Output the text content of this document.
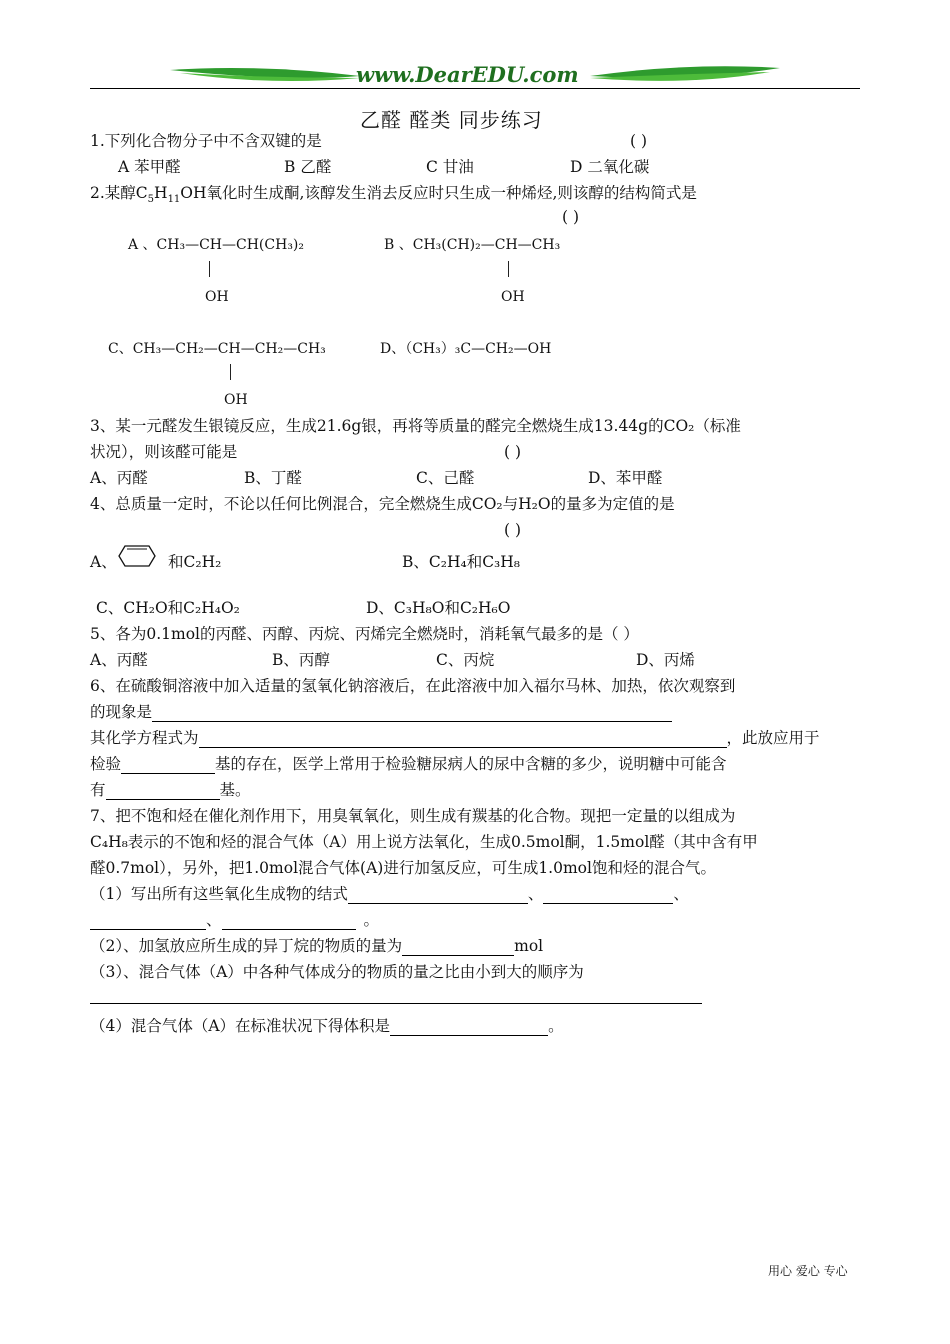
www.DearEDU.com
乙醛 醛类 同步练习
1.下列化合物分子中不含双键的是	( )
A 苯甲醛	B 乙醛	C 甘油	D 二氧化碳
2.某醇$C_5H_{11}OH$氧化时生成酮,该醇发生消去反应时只生成一种烯烃,则该醇的结构简式是
( )
A 、CH₃—CH—CH(CH₃)₂
OH
B 、CH₃(CH)₂—CH—CH₃
OH
C、CH₃—CH₂—CH—CH₂—CH₃
OH
D、（CH₃）₃C—CH₂—OH
3、某一元醛发生银镜反应，生成21.6g银，再将等质量的醛完全燃烧生成13.44g的CO₂（标准
状况），则该醛可能是	( )
A、丙醛	B、丁醛	C、己醛	D、苯甲醛
4、总质量一定时，不论以任何比例混合，完全燃烧生成CO₂与H₂O的量多为定值的是
( )
A、	和C₂H₂	B、C₂H₄和C₃H₈
C、CH₂O和C₂H₄O₂	D、C₃H₈O和C₂H₆O
5、各为0.1mol的丙醛、丙醇、丙烷、丙烯完全燃烧时，消耗氧气最多的是（ ）
A、丙醛	B、丙醇	C、丙烷	D、丙烯
6、在硫酸铜溶液中加入适量的氢氧化钠溶液后，在此溶液中加入福尔马林、加热，依次观察到
的现象是
其化学方程式为	，此放应用于
检验	基的存在，医学上常用于检验糖尿病人的尿中含糖的多少，说明糖中可能含
有	基。
7、把不饱和烃在催化剂作用下，用臭氧氧化，则生成有羰基的化合物。现把一定量的以组成为
C₄H₈表示的不饱和烃的混合气体（A）用上说方法氧化，生成0.5mol酮，1.5mol醛（其中含有甲
醛0.7mol），另外，把1.0mol混合气体(A)进行加氢反应，可生成1.0mol饱和烃的混合气。
（1）写出所有这些氧化生成物的结式	、	、
、	。
（2）、加氢放应所生成的异丁烷的物质的量为	mol
（3）、混合气体（A）中各种气体成分的物质的量之比由小到大的顺序为
（4）混合气体（A）在标准状况下得体积是	。
用心 爱心 专心
